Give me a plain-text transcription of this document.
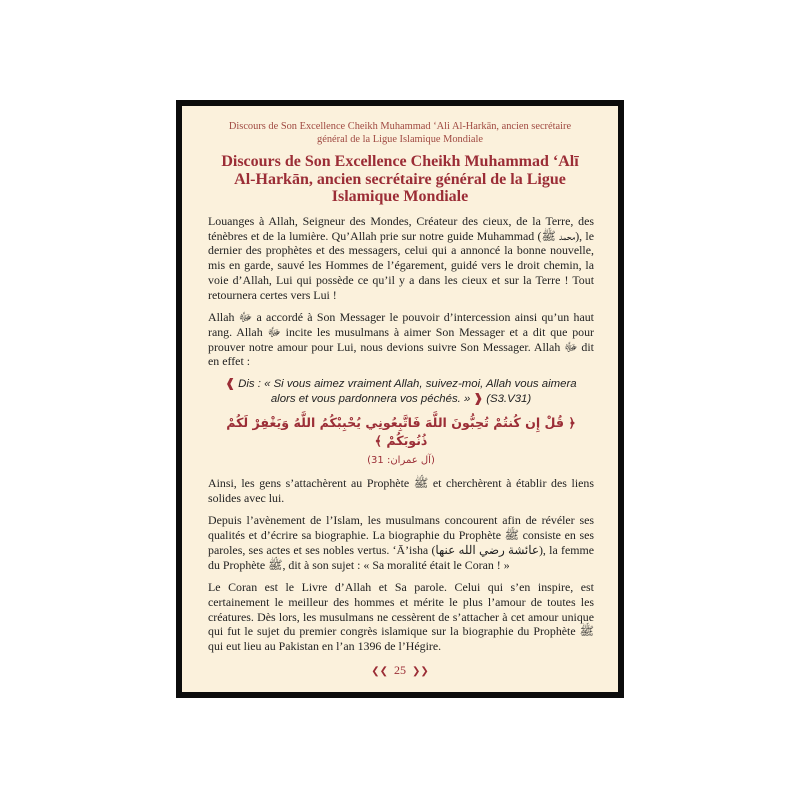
Discours de Son Excellence Cheikh Muhammad ‘Ali Al-Harkān, ancien secrétaire général de la Ligue Islamique Mondiale
Discours de Son Excellence Cheikh Muhammad ‘Alī Al-Harkān, ancien secrétaire général de la Ligue Islamique Mondiale

Louanges à Allah, Seigneur des Mondes, Créateur des cieux, de la Terre, des ténèbres et de la lumière. Qu’Allah prie sur notre guide Muhammad (محمد ﷺ), le dernier des prophètes et des messagers, celui qui a annoncé la bonne nouvelle, mis en garde, sauvé les Hommes de l’égarement, guidé vers le droit chemin, la voie d’Allah, Lui qui possède ce qu’il y a dans les cieux et sur la Terre ! Tout retournera certes vers Lui !

Allah ﷻ a accordé à Son Messager le pouvoir d’intercession ainsi qu’un haut rang. Allah ﷻ incite les musulmans à aimer Son Messager et a dit que pour prouver notre amour pour Lui, nous devions suivre Son Messager. Allah ﷻ dit en effet :

❰ Dis : « Si vous aimez vraiment Allah, suivez-moi, Allah vous aimera alors et vous pardonnera vos péchés. » ❱ (S3.V31)
﴿ قُلْ إِن كُنتُمْ تُحِبُّونَ اللَّهَ فَاتَّبِعُونِي يُحْبِبْكُمُ اللَّهُ وَيَغْفِرْ لَكُمْ ذُنُوبَكُمْ ﴾
(آل عمران: 31)

Ainsi, les gens s’attachèrent au Prophète ﷺ et cherchèrent à établir des liens solides avec lui.

Depuis l’avènement de l’Islam, les musulmans concourent afin de révéler ses qualités et d’écrire sa biographie. La biographie du Prophète ﷺ consiste en ses paroles, ses actes et ses nobles vertus. ‘Ā’isha (عائشة رضي الله عنها), la femme du Prophète ﷺ, dit à son sujet : « Sa moralité était le Coran ! »

Le Coran est le Livre d’Allah et Sa parole. Celui qui s’en inspire, est certainement le meilleur des hommes et mérite le plus l’amour de toutes les créatures. Dès lors, les musulmans ne cessèrent de s’attacher à cet amour unique qui fut le sujet du premier congrès islamique sur la biographie du Prophète ﷺ qui eut lieu au Pakistan en l’an 1396 de l’Hégire.

❮❮ 25 ❯❯
